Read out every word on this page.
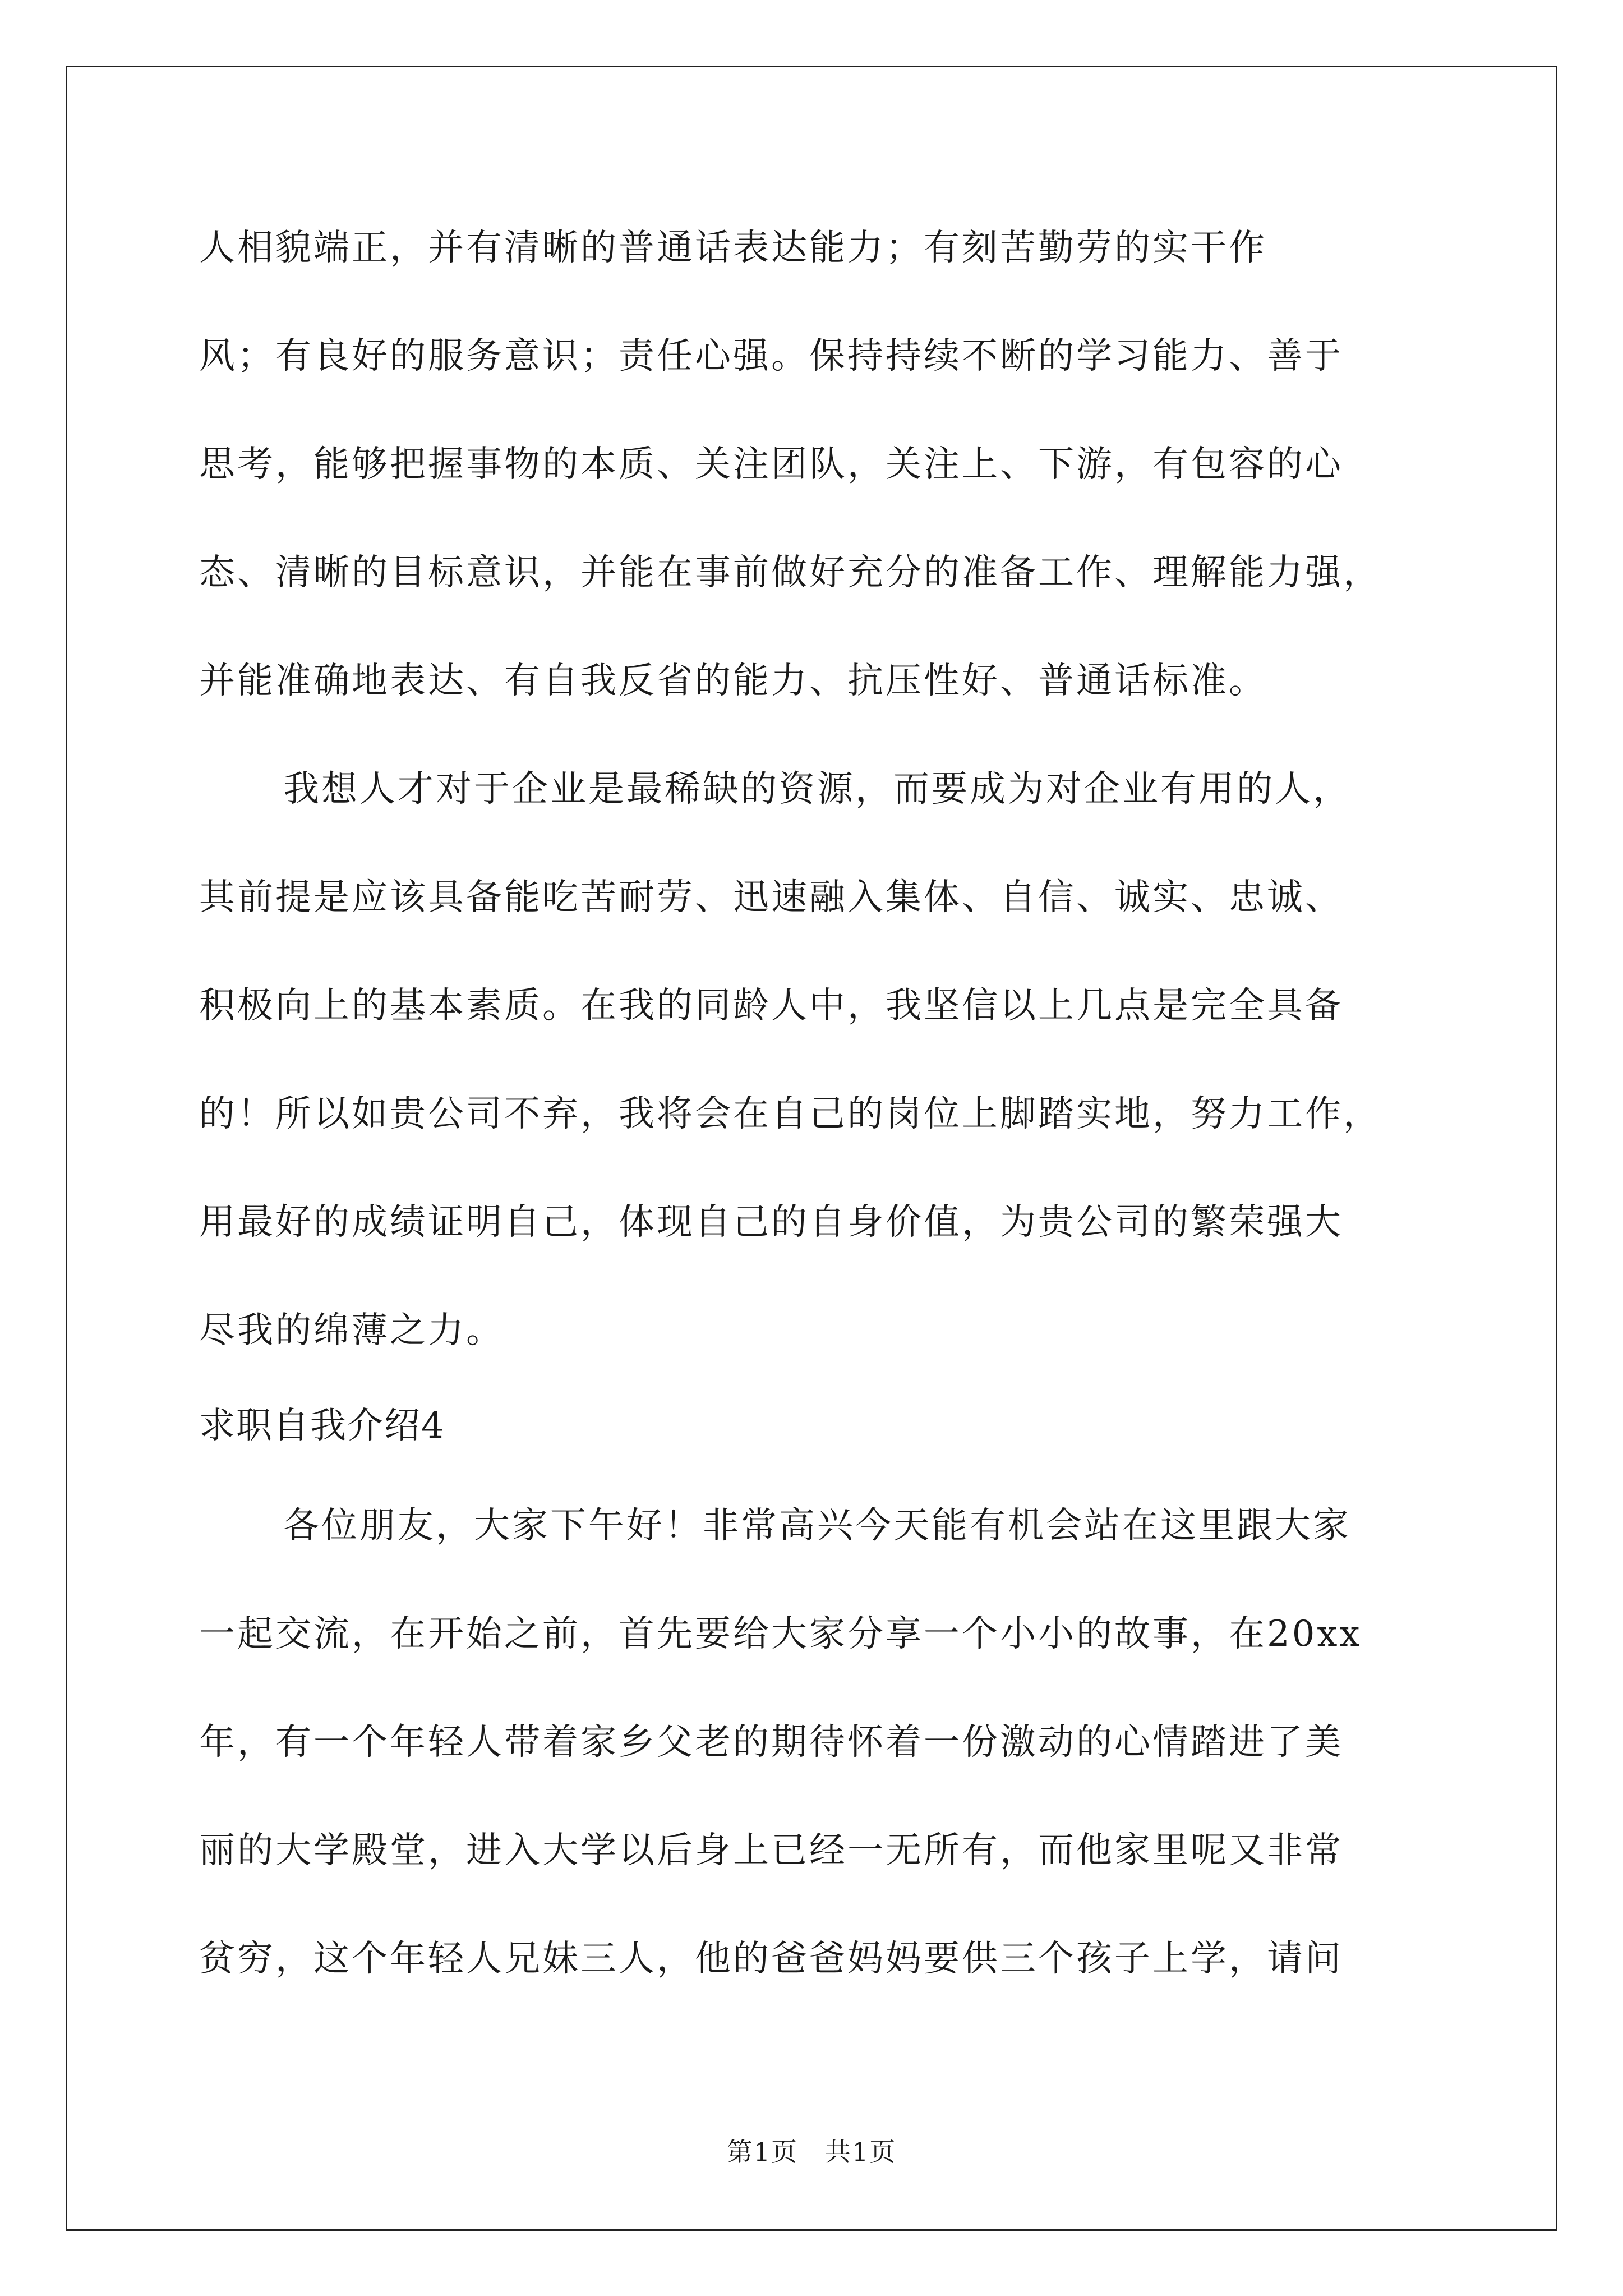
人相貌端正，并有清晰的普通话表达能力；有刻苦勤劳的实干作
风；有良好的服务意识；责任心强。保持持续不断的学习能力、善于
思考，能够把握事物的本质、关注团队，关注上、下游，有包容的心
态、清晰的目标意识，并能在事前做好充分的准备工作、理解能力强，
并能准确地表达、有自我反省的能力、抗压性好、普通话标准。
我想人才对于企业是最稀缺的资源，而要成为对企业有用的人，
其前提是应该具备能吃苦耐劳、迅速融入集体、自信、诚实、忠诚、
积极向上的基本素质。在我的同龄人中，我坚信以上几点是完全具备
的！所以如贵公司不弃，我将会在自己的岗位上脚踏实地，努力工作，
用最好的成绩证明自己，体现自己的自身价值，为贵公司的繁荣强大
尽我的绵薄之力。
求职自我介绍4
各位朋友，大家下午好！非常高兴今天能有机会站在这里跟大家
一起交流，在开始之前，首先要给大家分享一个小小的故事，在20xx
年，有一个年轻人带着家乡父老的期待怀着一份激动的心情踏进了美
丽的大学殿堂，进入大学以后身上已经一无所有，而他家里呢又非常
贫穷，这个年轻人兄妹三人，他的爸爸妈妈要供三个孩子上学，请问
第1页　共1页
